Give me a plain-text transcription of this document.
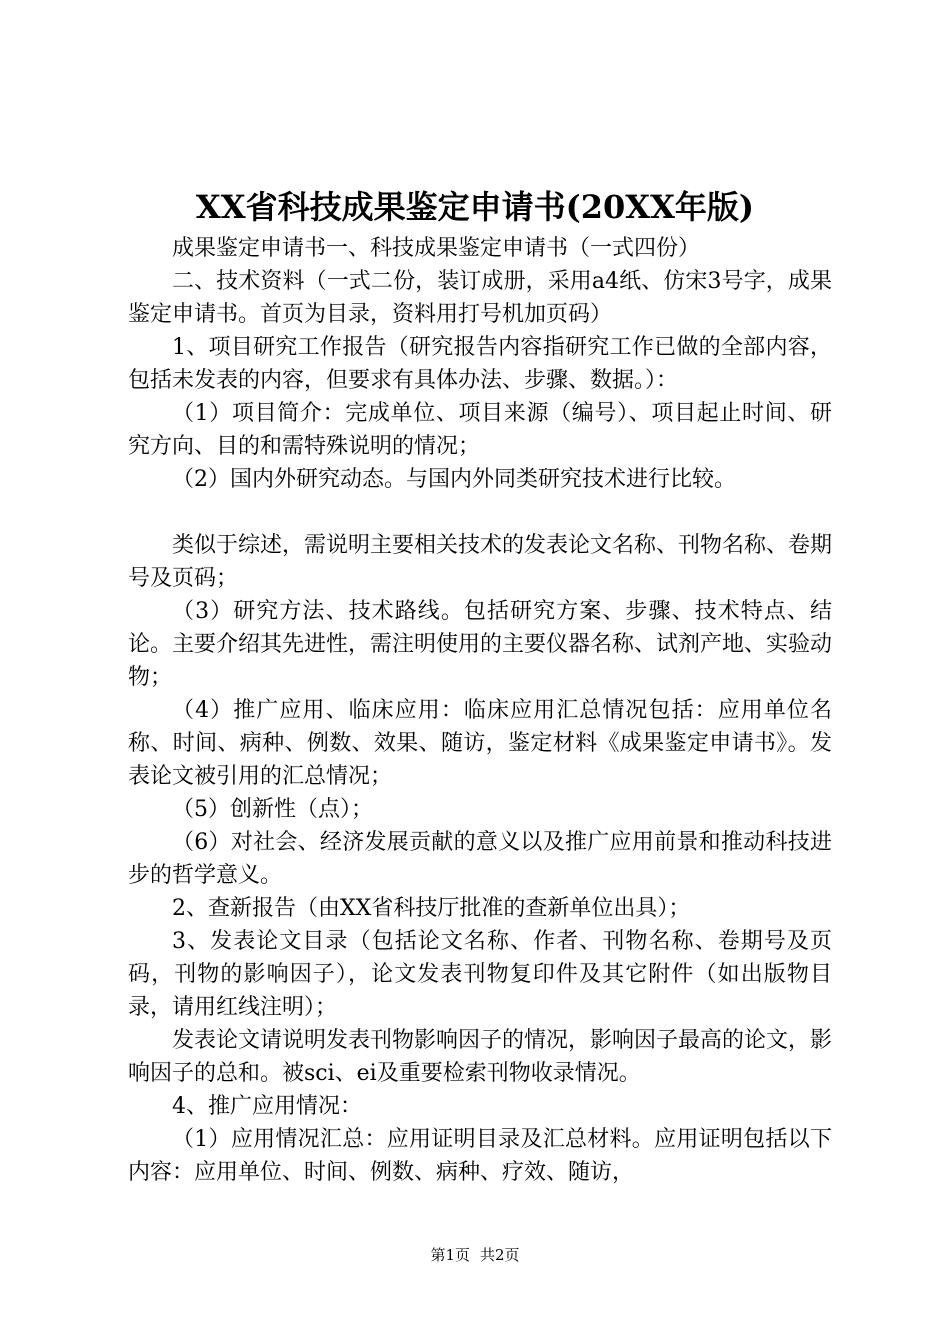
XX省科技成果鉴定申请书(20XX年版)

成果鉴定申请书一、科技成果鉴定申请书（一式四份）

二、技术资料（一式二份，装订成册，采用a4纸、仿宋3号字，成果鉴定申请书。首页为目录，资料用打号机加页码）

1、项目研究工作报告（研究报告内容指研究工作已做的全部内容，包括未发表的内容，但要求有具体办法、步骤、数据。）：

（1）项目简介：完成单位、项目来源（编号）、项目起止时间、研究方向、目的和需特殊说明的情况；

（2）国内外研究动态。与国内外同类研究技术进行比较。

类似于综述，需说明主要相关技术的发表论文名称、刊物名称、卷期号及页码；

（3）研究方法、技术路线。包括研究方案、步骤、技术特点、结论。主要介绍其先进性，需注明使用的主要仪器名称、试剂产地、实验动物；

（4）推广应用、临床应用：临床应用汇总情况包括：应用单位名称、时间、病种、例数、效果、随访，鉴定材料《成果鉴定申请书》。发表论文被引用的汇总情况；

（5）创新性（点）；

（6）对社会、经济发展贡献的意义以及推广应用前景和推动科技进步的哲学意义。

2、查新报告（由XX省科技厅批准的查新单位出具）；

3、发表论文目录（包括论文名称、作者、刊物名称、卷期号及页码，刊物的影响因子），论文发表刊物复印件及其它附件（如出版物目录，请用红线注明）；

发表论文请说明发表刊物影响因子的情况，影响因子最高的论文，影响因子的总和。被sci、ei及重要检索刊物收录情况。

4、推广应用情况：

（1）应用情况汇总：应用证明目录及汇总材料。应用证明包括以下内容：应用单位、时间、例数、病种、疗效、随访，

第1页 共2页
